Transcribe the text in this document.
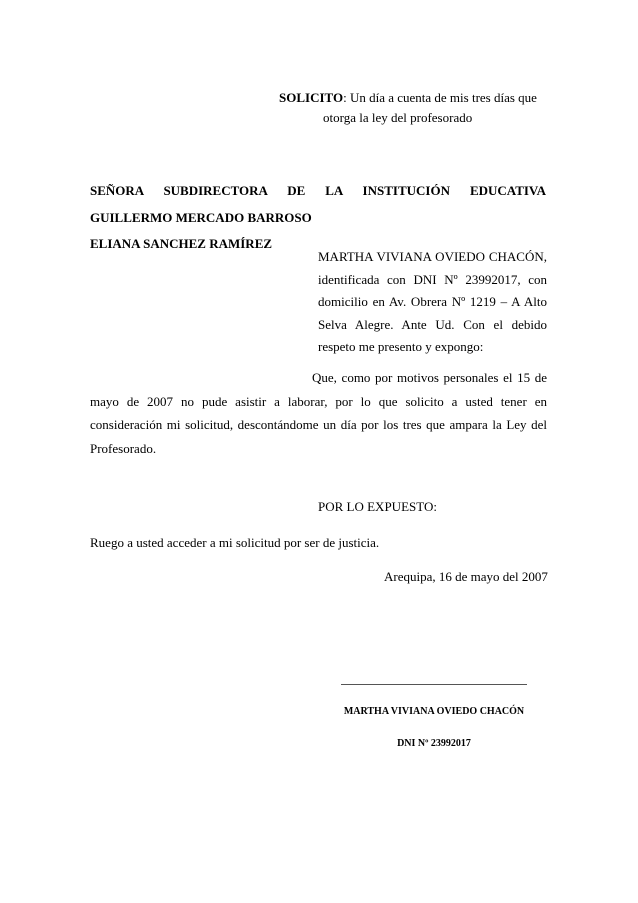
SOLICITO: Un día a cuenta de mis tres días que
otorga la ley del profesorado
SEÑORA SUBDIRECTORA DE LA INSTITUCIÓN EDUCATIVA
GUILLERMO MERCADO BARROSO
ELIANA SANCHEZ RAMÍREZ
MARTHA VIVIANA OVIEDO CHACÓN, identificada con DNI Nº 23992017, con domicilio en Av. Obrera Nº 1219 – A Alto Selva Alegre. Ante Ud. Con el debido respeto me presento y expongo:
Que, como por motivos personales el 15 de mayo de 2007 no pude asistir a laborar, por lo que solicito a usted tener en consideración mi solicitud, descontándome un día por los tres que ampara la Ley del Profesorado.
POR LO EXPUESTO:
Ruego a usted acceder a mi solicitud por ser de justicia.
Arequipa, 16 de mayo del 2007
MARTHA VIVIANA OVIEDO CHACÓN
DNI Nº 23992017
